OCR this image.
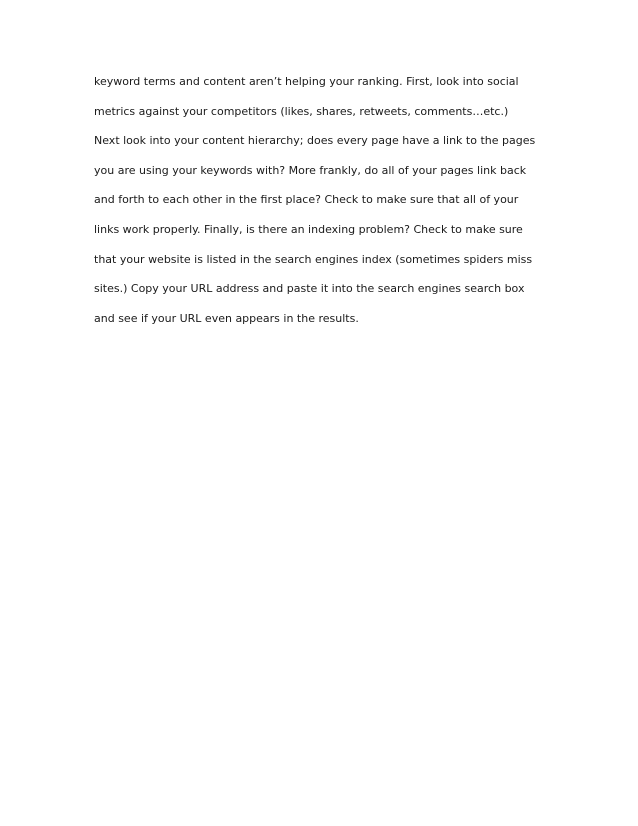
keyword terms and content aren’t helping your ranking. First, look into social
metrics against your competitors (likes, shares, retweets, comments…etc.)
Next look into your content hierarchy; does every page have a link to the pages
you are using your keywords with? More frankly, do all of your pages link back
and forth to each other in the first place? Check to make sure that all of your
links work properly. Finally, is there an indexing problem? Check to make sure
that your website is listed in the search engines index (sometimes spiders miss
sites.) Copy your URL address and paste it into the search engines search box
and see if your URL even appears in the results.
